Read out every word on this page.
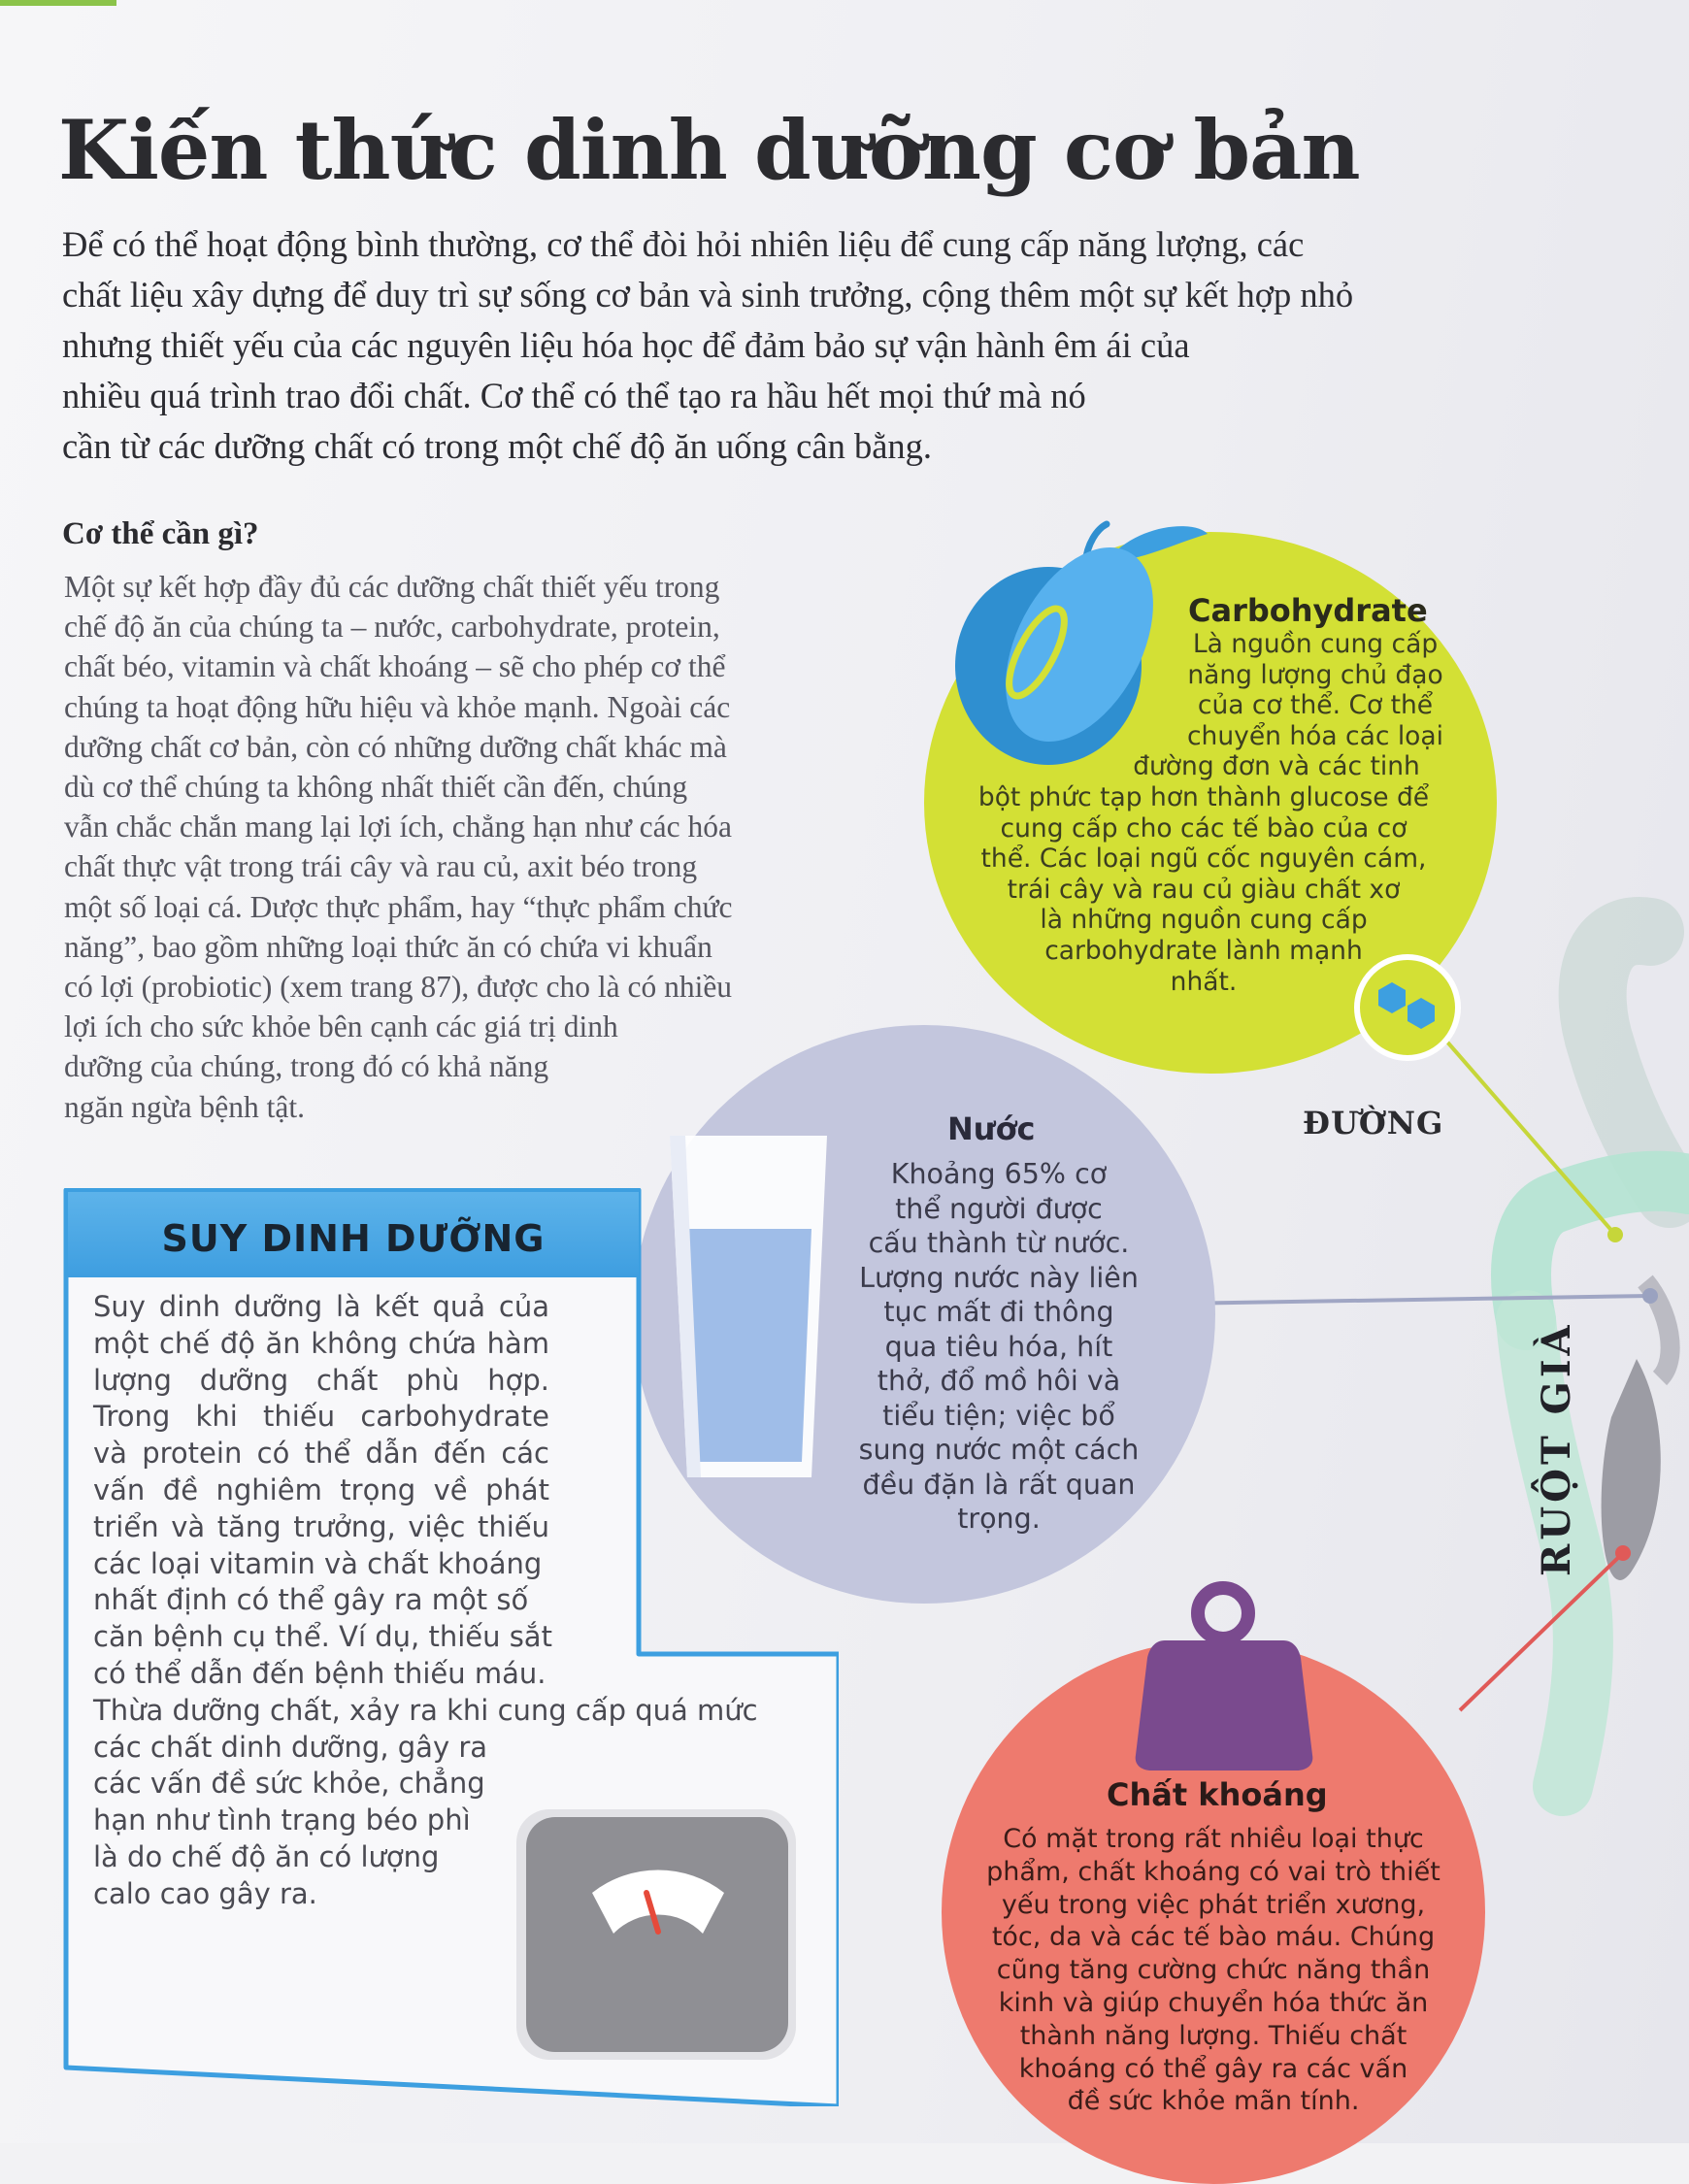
Kiến thức dinh dưỡng cơ bản

Để có thể hoạt động bình thường, cơ thể đòi hỏi nhiên liệu để cung cấp năng lượng, các
chất liệu xây dựng để duy trì sự sống cơ bản và sinh trưởng, cộng thêm một sự kết hợp nhỏ
nhưng thiết yếu của các nguyên liệu hóa học để đảm bảo sự vận hành êm ái của
nhiều quá trình trao đổi chất. Cơ thể có thể tạo ra hầu hết mọi thứ mà nó
cần từ các dưỡng chất có trong một chế độ ăn uống cân bằng.

Cơ thể cần gì?

Một sự kết hợp đầy đủ các dưỡng chất thiết yếu trong
chế độ ăn của chúng ta – nước, carbohydrate, protein,
chất béo, vitamin và chất khoáng – sẽ cho phép cơ thể
chúng ta hoạt động hữu hiệu và khỏe mạnh. Ngoài các
dưỡng chất cơ bản, còn có những dưỡng chất khác mà
dù cơ thể chúng ta không nhất thiết cần đến, chúng
vẫn chắc chắn mang lại lợi ích, chẳng hạn như các hóa
chất thực vật trong trái cây và rau củ, axit béo trong
một số loại cá. Dược thực phẩm, hay “thực phẩm chức
năng”, bao gồm những loại thức ăn có chứa vi khuẩn
có lợi (probiotic) (xem trang 87), được cho là có nhiều
lợi ích cho sức khỏe bên cạnh các giá trị dinh
dưỡng của chúng, trong đó có khả năng
ngăn ngừa bệnh tật.

Carbohydrate

Là nguồn cung cấp
năng lượng chủ đạo
của cơ thể. Cơ thể
chuyển hóa các loại
đường đơn và các tinh
bột phức tạp hơn thành glucose để
cung cấp cho các tế bào của cơ
thể. Các loại ngũ cốc nguyên cám,
trái cây và rau củ giàu chất xơ
là những nguồn cung cấp
carbohydrate lành mạnh
nhất.

Nước

Khoảng 65% cơ
thể người được
cấu thành từ nước.
Lượng nước này liên
tục mất đi thông
qua tiêu hóa, hít
thở, đổ mồ hôi và
tiểu tiện; việc bổ
sung nước một cách
đều đặn là rất quan
trọng.

ĐƯỜNG
RUỘT GIÀ
Chất khoáng

Có mặt trong rất nhiều loại thực
phẩm, chất khoáng có vai trò thiết
yếu trong việc phát triển xương,
tóc, da và các tế bào máu. Chúng
cũng tăng cường chức năng thần
kinh và giúp chuyển hóa thức ăn
thành năng lượng. Thiếu chất
khoáng có thể gây ra các vấn
đề sức khỏe mãn tính.

SUY DINH DƯỠNG

Suy dinh dưỡng là kết quả của
một chế độ ăn không chứa hàm
lượng dưỡng chất phù hợp.
Trong khi thiếu carbohydrate
và protein có thể dẫn đến các
vấn đề nghiêm trọng về phát
triển và tăng trưởng, việc thiếu
các loại vitamin và chất khoáng
nhất định có thể gây ra một số
căn bệnh cụ thể. Ví dụ, thiếu sắt
có thể dẫn đến bệnh thiếu máu.
Thừa dưỡng chất, xảy ra khi cung cấp quá mức
các chất dinh dưỡng, gây ra
các vấn đề sức khỏe, chẳng
hạn như tình trạng béo phì
là do chế độ ăn có lượng
calo cao gây ra.
